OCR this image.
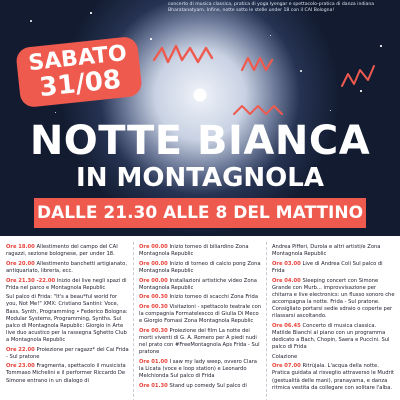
concerto di musica classica, pratica di yoga lyengar e spettacolo-pratica di danza indiana Bharatanatyam. Infine, notte sotto le stelle under 18 con il CAI Bologna!
SABATO
31/08
NOTTE BIANCA
IN MONTAGNOLA
DALLE 21.30 ALLE 8 DEL MATTINO

Ore 18.00 Allestimento del campo del CAI ragazzi, sezione bolognese, per under 18.

Ore 20.00 Allestimento banchetti artigianato, antiquariato, libreria, ecc.

Ore 21.30 -22.00 Inizio dei live negli spazi di Frida nel parco e Montagnola Republic

Sul palco di Frida: "It's a beau*ful world for you, Not Me!" XMX: Cristiano Santini: Voce, Bass, Synth, Programming • Federico Bologna: Modular Systems, Programming, Synths. Sul palco di Montagnola Republic: Giorgio in Arte live duo acustico per la rassegna Sghetto Club a Montagnola Republic

Ore 22.00 Proiezione per ragazz* del Cai Frida - Sul pratone

Ore 23.00 Fragmenta, spettacolo il musicista Tommaso Michelini e il performer Riccardo De Simone entrano in un dialogo di

Ore 00.00 Inizio torneo di biliardino Zona Montagnola Republic

Ore 00.00 Inizio di torneo di calcio pong Zona Montagnola Republic

Ore 00.00 Installazioni artistiche video Zona Montagnola Republic

Ore 00.30 Inizio torneo di scacchi Zona Frida

Ore 00.30 Visitazioni - spettacolo teatrale con la compagnia Formatelescco di Giulia Di Meco e Giorgio Fomasi Zona Montagnola Republic

Ore 00.30 Proiezione del film La notte dei morti viventi di G. A. Romero per A piedi nudi nel prato con #FreeMontagnola Aps Frida - Sul pratone

Ore 01.00 I saw my lady weep, ovvero Clara la Licata (voce e loop station) e Leonardo Melchionda Sul palco di Frida

Ore 01.30 Stand up comedy Sul palco di

Andrea Pifferi, Durola e altri artisti/e Zona Montagnola Republic

Ore 03.00 Live di Andrea Coli Sul palco di Frida

Ore 04.00 Sleeping concert con Simone Grande con Murb... improvvisazione per chitarra e live electronics: un flusso sonoro che accompagna la notte. Frida - Sul pratone. Consigliato portarsi sedie sdraio o coperte per rilassarsi ascoltando.

Ore 06.45 Concerto di musica classica. Matilde Bianchi al piano con un programma dedicato a Bach, Chopin, Saera e Puccini. Sul palco di Frida

Colazione

Ore 07.00 Ritrùjala. L'acqua della notte. Pratica guidata al risveglio attraverso le Mudrit (gestualità delle mani), pranayama, e danza ritmica vestita da collegare con solitare l'alba.
